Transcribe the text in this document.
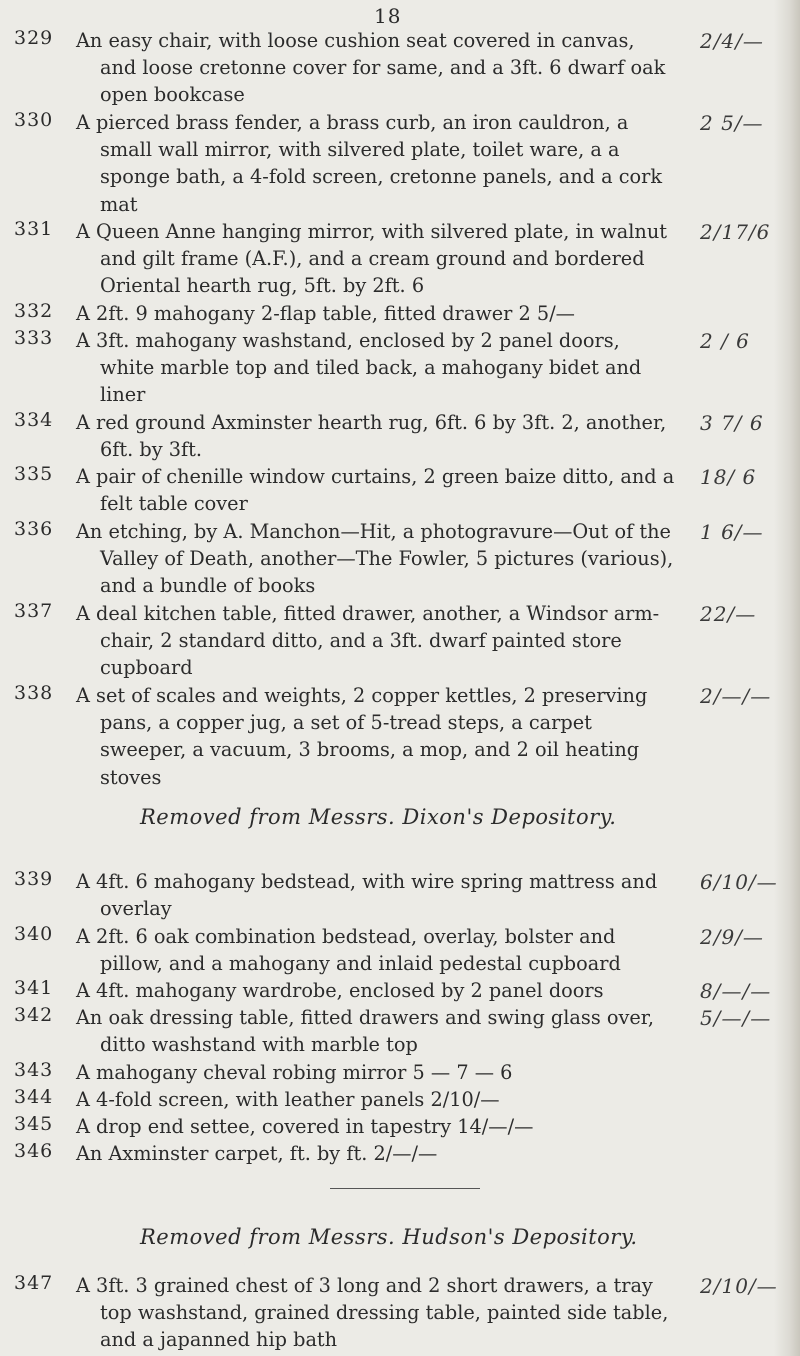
18
329 An easy chair, with loose cushion seat covered in canvas, and loose cretonne cover for same, and a 3ft. 6 dwarf oak open bookcase
2/4/—
330 A pierced brass fender, a brass curb, an iron cauldron, a small wall mirror, with silvered plate, toilet ware, a a sponge bath, a 4-fold screen, cretonne panels, and a cork mat
2 5/—
331 A Queen Anne hanging mirror, with silvered plate, in walnut and gilt frame (A.F.), and a cream ground and bordered Oriental hearth rug, 5ft. by 2ft. 6
2/17/6
332 A 2ft. 9 mahogany 2-flap table, fitted drawer 2 5/—
333 A 3ft. mahogany washstand, enclosed by 2 panel doors, white marble top and tiled back, a mahogany bidet and liner
2 / 6
334 A red ground Axminster hearth rug, 6ft. 6 by 3ft. 2, another, 6ft. by 3ft.
3 7/ 6
335 A pair of chenille window curtains, 2 green baize ditto, and a felt table cover
18/ 6
336 An etching, by A. Manchon—Hit, a photogravure—Out of the Valley of Death, another—The Fowler, 5 pictures (various), and a bundle of books
1 6/—
337 A deal kitchen table, fitted drawer, another, a Windsor arm-chair, 2 standard ditto, and a 3ft. dwarf painted store cupboard
22/—
338 A set of scales and weights, 2 copper kettles, 2 preserving pans, a copper jug, a set of 5-tread steps, a carpet sweeper, a vacuum, 3 brooms, a mop, and 2 oil heating stoves
2/—/—
Removed from Messrs. Dixon's Depository.
339 A 4ft. 6 mahogany bedstead, with wire spring mattress and overlay
6/10/—
340 A 2ft. 6 oak combination bedstead, overlay, bolster and pillow, and a mahogany and inlaid pedestal cupboard
2/9/—
341 A 4ft. mahogany wardrobe, enclosed by 2 panel doors	8/—/—
342 An oak dressing table, fitted drawers and swing glass over, ditto washstand with marble top
5/—/—
343 A mahogany cheval robing mirror 5 — 7 — 6
344 A 4-fold screen, with leather panels 2/10/—
345 A drop end settee, covered in tapestry 14/—/—
346 An Axminster carpet, ft. by ft. 2/—/—
Removed from Messrs. Hudson's Depository.
347 A 3ft. 3 grained chest of 3 long and 2 short drawers, a tray top washstand, grained dressing table, painted side table, and a japanned hip bath
2/10/—
